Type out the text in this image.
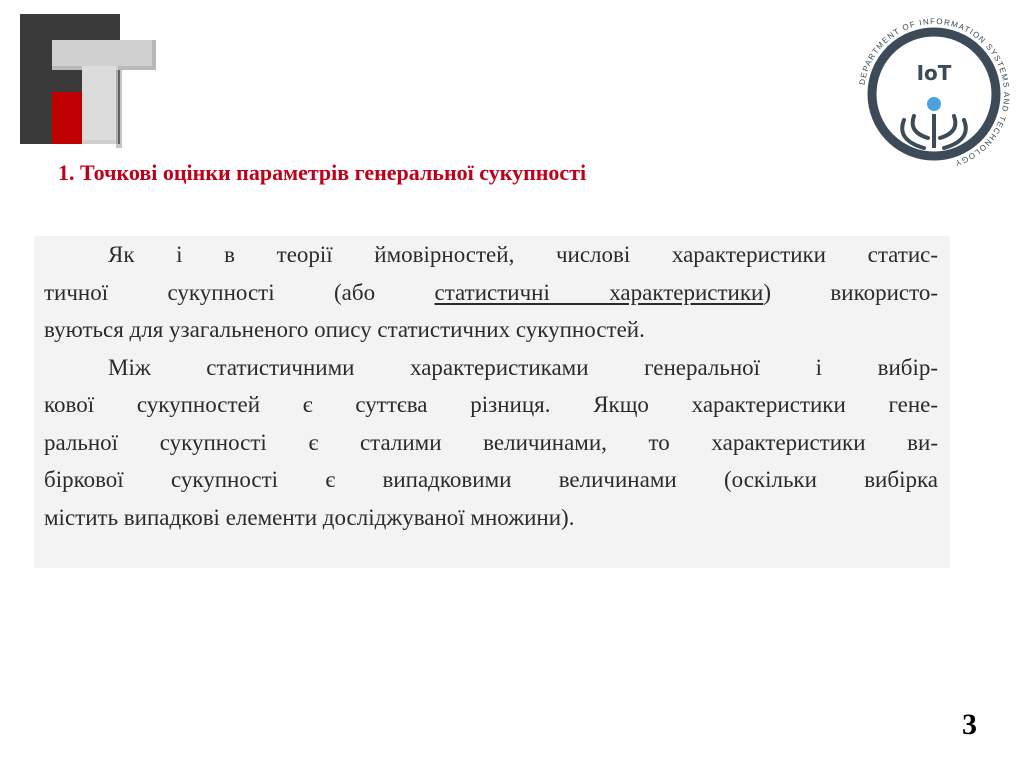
DEPARTMENT OF INFORMATION SYSTEMS AND TECHNOLOGY
IoT
1. Точкові оцінки параметрів генеральної сукупності

Як і в теорії ймовірностей, числові характеристики статис-
тичної сукупності (або статистичні характеристики) використо-
вуються для узагальненого опису статистичних сукупностей.

Між статистичними характеристиками генеральної і вибір-
кової сукупностей є суттєва різниця. Якщо характеристики гене-
ральної сукупності є сталими величинами, то характеристики ви-
біркової сукупності є випадковими величинами (оскільки вибірка
містить випадкові елементи досліджуваної множини).

3
